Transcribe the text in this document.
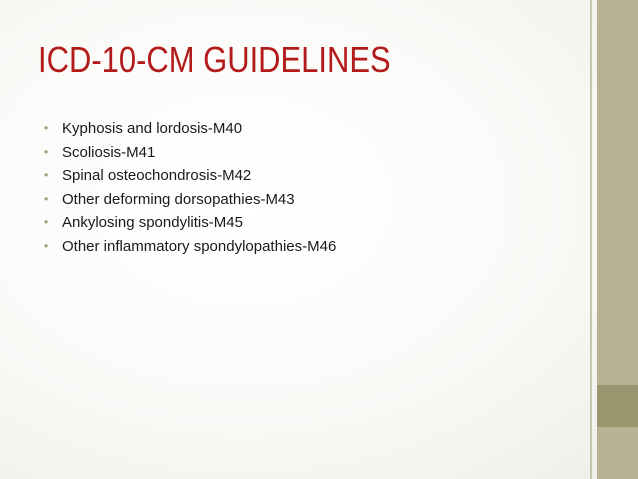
ICD-10-CM GUIDELINES
• Kyphosis and lordosis-M40
• Scoliosis-M41
• Spinal osteochondrosis-M42
• Other deforming dorsopathies-M43
• Ankylosing spondylitis-M45
• Other inflammatory spondylopathies-M46
